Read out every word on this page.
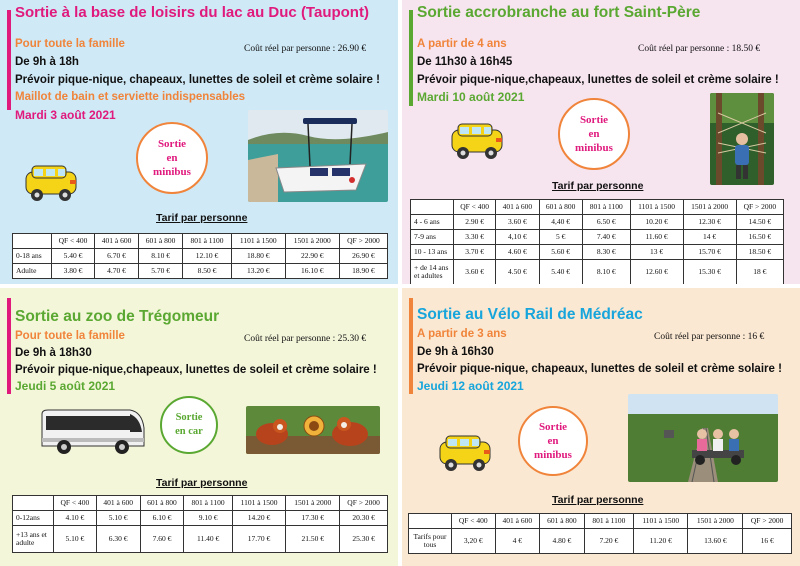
Sortie à la base de loisirs du lac au Duc (Taupont)
Pour toute la famille	Coût réel par personne : 26.90 €
De 9h à 18h
Prévoir pique-nique, chapeaux, lunettes de soleil et crème solaire !
Maillot de bain et serviette indispensables
Mardi 3 août 2021
Sortie
en
minibus
Tarif par personne
	QF < 400	401 à 600	601 à 800	801 à 1100	1101 à 1500	1501 à 2000	QF > 2000
0-18 ans	5.40 €	6.70 €	8.10 €	12.10 €	18.80 €	22.90 €	26.90 €
Adulte	3.80 €	4.70 €	5.70 €	8.50 €	13.20 €	16.10 €	18.90 €
Sortie accrobranche au fort Saint-Père
A partir de 4 ans	Coût réel par personne : 18.50 €
De 11h30 à 16h45
Prévoir pique-nique,chapeaux, lunettes de soleil et crème solaire !
Mardi 10 août 2021
Sortie
en
minibus
Tarif par personne
	QF < 400	401 à 600	601 à 800	801 à 1100	1101 à 1500	1501 à 2000	QF > 2000
4 - 6 ans	2.90 €	3.60 €	4,40 €	6.50 €	10.20 €	12.30 €	14.50 €
7-9 ans	3.30 €	4,10 €	5 €	7.40 €	11.60 €	14 €	16.50 €
10 - 13 ans	3.70 €	4.60 €	5.60 €	8.30 €	13 €	15.70 €	18.50 €
+ de 14 ans et adultes	3.60 €	4.50 €	5.40 €	8.10 €	12.60 €	15.30 €	18 €
Sortie au zoo de Trégomeur
Pour toute la famille	Coût réel par personne : 25.30 €
De 9h à 18h30
Prévoir pique-nique,chapeaux, lunettes de soleil et crème solaire !
Jeudi 5 août 2021
Sortie
en car
Tarif par personne
	QF < 400	401 à 600	601 à 800	801 à 1100	1101 à 1500	1501 à 2000	QF > 2000
0-12ans	4.10 €	5.10 €	6.10 €	9.10 €	14.20 €	17.30 €	20.30 €
+13 ans et adulte	5.10 €	6.30 €	7.60 €	11.40 €	17.70 €	21.50 €	25.30 €
Sortie au Vélo Rail de Médréac
A partir de 3 ans	Coût réel par personne : 16 €
De 9h à 16h30
Prévoir pique-nique, chapeaux, lunettes de soleil et crème solaire !
Jeudi 12 août 2021
Sortie
en
minibus
Tarif par personne
	QF < 400	401 à 600	601 à 800	801 à 1100	1101 à 1500	1501 à 2000	QF > 2000
Tarifs pour tous	3,20 €	4 €	4.80 €	7.20 €	11.20 €	13.60 €	16 €
